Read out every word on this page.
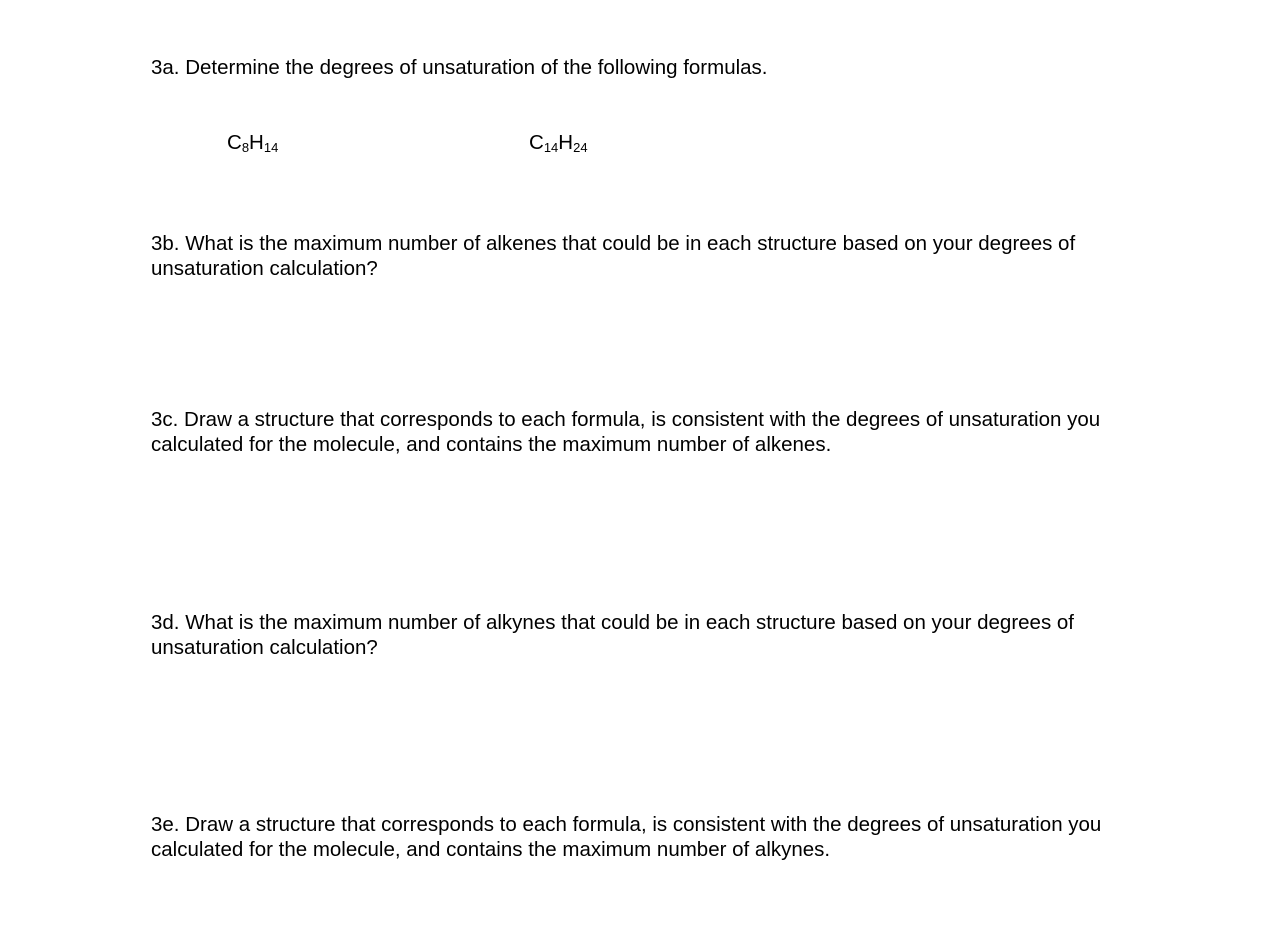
3a. Determine the degrees of unsaturation of the following formulas.

$C_8H_{14}$	$C_{14}H_{24}$

3b. What is the maximum number of alkenes that could be in each structure based on your degrees of
unsaturation calculation?

3c. Draw a structure that corresponds to each formula, is consistent with the degrees of unsaturation you
calculated for the molecule, and contains the maximum number of alkenes.

3d. What is the maximum number of alkynes that could be in each structure based on your degrees of
unsaturation calculation?

3e. Draw a structure that corresponds to each formula, is consistent with the degrees of unsaturation you
calculated for the molecule, and contains the maximum number of alkynes.
